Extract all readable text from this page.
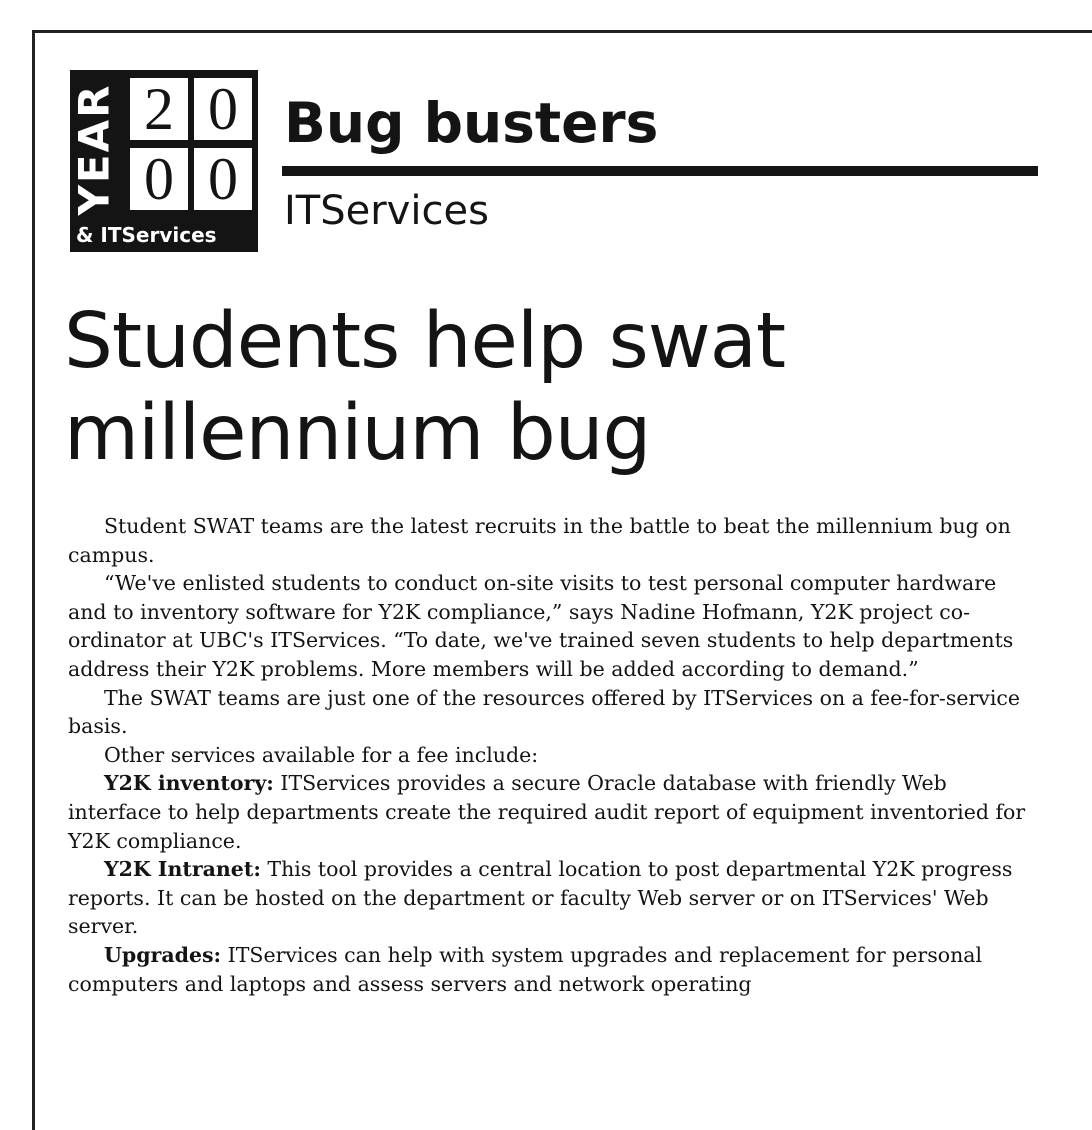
YEAR 2 0
0 0
& ITServices
Bug busters
ITServices
Students help swat millennium bug

Student SWAT teams are the latest recruits in the battle to beat the millennium bug on campus.

“We've enlisted students to conduct on-site visits to test personal computer hardware and to inventory software for Y2K compliance,” says Nadine Hofmann, Y2K project co-ordinator at UBC's ITServices. “To date, we've trained seven students to help departments address their Y2K problems. More members will be added according to demand.”

The SWAT teams are just one of the resources offered by ITServices on a fee-for-service basis.

Other services available for a fee include:

Y2K inventory: ITServices provides a secure Oracle database with friendly Web interface to help departments create the required audit report of equipment inventoried for Y2K compliance.

Y2K Intranet: This tool provides a central location to post departmental Y2K progress reports. It can be hosted on the department or faculty Web server or on ITServices' Web server.

Upgrades: ITServices can help with system upgrades and replacement for personal computers and laptops and assess servers and network operating
